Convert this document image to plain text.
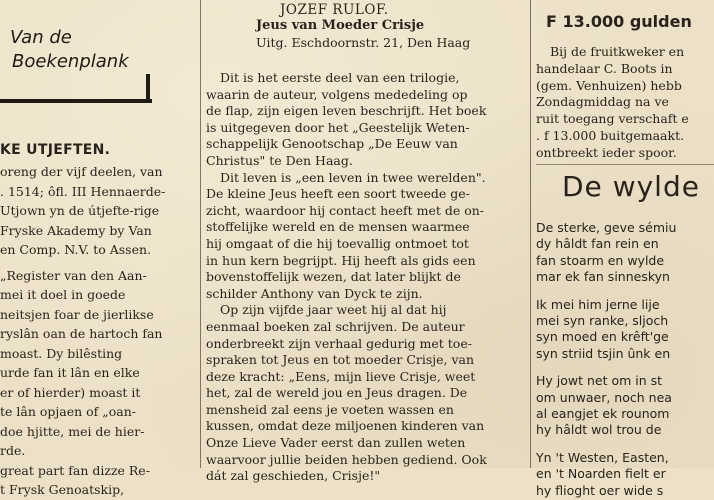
Van de
Boekenplank
KE UTJEFTEN.
oreng der vijf deelen, van
. 1514; ôfl. III Hennaerde-
Utjown yn de útjefte-rige
Fryske Akademy by Van
en Comp. N.V. to Assen.
„Register van den Aan-
mei it doel in goede
neitsjen foar de jierlikse
ryslân oan de hartoch fan
moast. Dy bilêsting
urde fan it lân en elke
er of hierder) moast it
te lân opjaen of „oan-
doe hjitte, mei de hier-
rde.
great part fan dizze Re-
t Frysk Genoatskip,
JOZEF RULOF.
Jeus van Moeder Crisje
Uitg. Eschdoornstr. 21, Den Haag
Dit is het eerste deel van een trilogie,
waarin de auteur, volgens mededeling op
de flap, zijn eigen leven beschrijft. Het boek
is uitgegeven door het „Geestelijk Weten-
schappelijk Genootschap „De Eeuw van
Christus" te Den Haag.
Dit leven is „een leven in twee werelden".
De kleine Jeus heeft een soort tweede ge-
zicht, waardoor hij contact heeft met de on-
stoffelijke wereld en de mensen waarmee
hij omgaat of die hij toevallig ontmoet tot
in hun kern begrijpt. Hij heeft als gids een
bovenstoffelijk wezen, dat later blijkt de
schilder Anthony van Dyck te zijn.
Op zijn vijfde jaar weet hij al dat hij
eenmaal boeken zal schrijven. De auteur
onderbreekt zijn verhaal gedurig met toe-
spraken tot Jeus en tot moeder Crisje, van
deze kracht: „Eens, mijn lieve Crisje, weet
het, zal de wereld jou en Jeus dragen. De
mensheid zal eens je voeten wassen en
kussen, omdat deze miljoenen kinderen van
Onze Lieve Vader eerst dan zullen weten
waarvoor jullie beiden hebben gediend. Ook
dát zal geschieden, Crisje!"
F 13.000 gulden
Bij de fruitkweker en
handelaar C. Boots in
(gem. Venhuizen) hebb
Zondagmiddag na ve
ruit toegang verschaft e
. f 13.000 buitgemaakt.
ontbreekt ieder spoor.
De wylde
De sterke, geve sémiu
dy hâldt fan rein en
fan stoarm en wylde
mar ek fan sinneskyn
Ik mei him jerne lije
mei syn ranke, sljoch
syn moed en krêft'ge
syn striid tsjin ûnk en
Hy jowt net om in st
om unwaer, noch nea
al eangjet ek rounom
hy hâldt wol trou de
Yn 't Westen, Easten,
en 't Noarden fielt er
hy flioght oer wide s
